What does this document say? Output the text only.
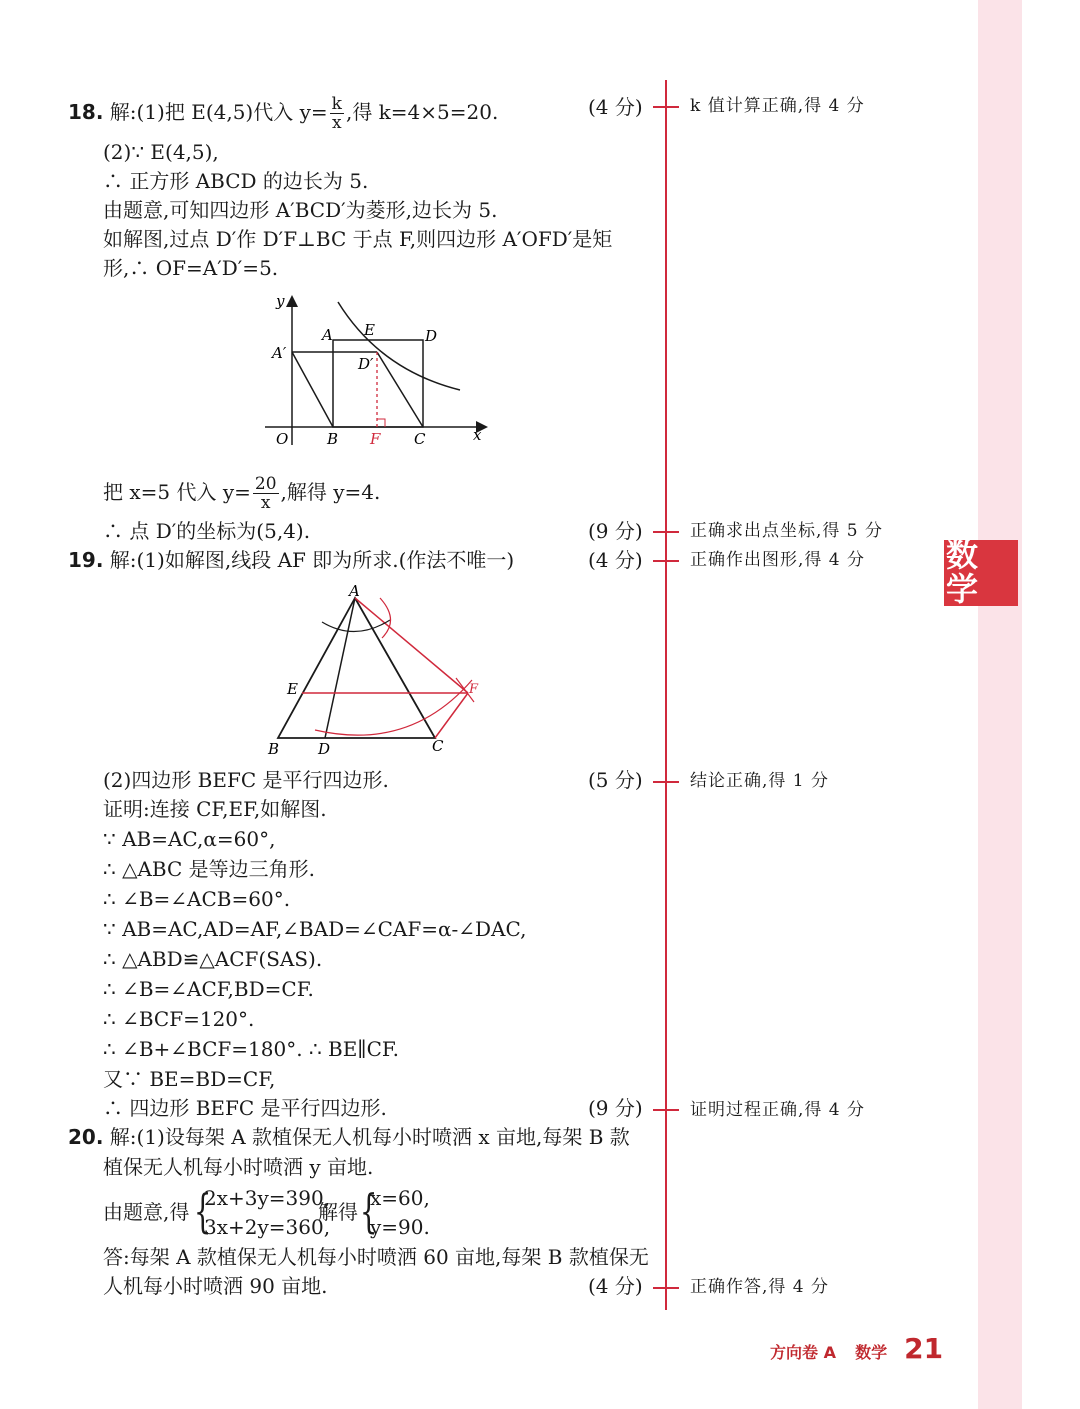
数学
18. 解:(1)把 E(4,5)代入 $y= \frac{k}{x}$ ,得 k=4×5=20.	(4 分)	k 值计算正确,得 4 分
(2)∵ E(4,5),
∴ 正方形 ABCD 的边长为 5.
由题意,可知四边形 A′BCD′为菱形,边长为 5.
如解图,过点 D′作 D′F⊥BC 于点 F,则四边形 A′OFD′是矩
形,∴ OF=A′D′=5.
y
A E	D
A′
D′
O	B F C	x
把 x=5 代入 $y= \frac{20}{x}$ ,解得 y=4.
∴ 点 D′的坐标为(5,4).	(9 分)	正确求出点坐标,得 5 分
19. 解:(1)如解图,线段 AF 即为所求.(作法不唯一)	(4 分)	正确作出图形,得 4 分
A
E	F
B	D	C
(2)四边形 BEFC 是平行四边形.	(5 分)	结论正确,得 1 分
证明:连接 CF,EF,如解图.
∵ AB=AC,α=60°,
∴ △ABC 是等边三角形.
∴ ∠B=∠ACB=60°.
∵ AB=AC,AD=AF,∠BAD=∠CAF=α-∠DAC,
∴ △ABD≌△ACF(SAS).
∴ ∠B=∠ACF,BD=CF.
∴ ∠BCF=120°.
∴ ∠B+∠BCF=180°. ∴ BE∥CF.
又∵ BE=BD=CF,
∴ 四边形 BEFC 是平行四边形.	(9 分)	证明过程正确,得 4 分
20. 解:(1)设每架 A 款植保无人机每小时喷洒 x 亩地,每架 B 款
植保无人机每小时喷洒 y 亩地.
由题意,得 {
2x+3y=390,
3x+2y=360,
解得 {
x=60,
y=90.
答:每架 A 款植保无人机每小时喷洒 60 亩地,每架 B 款植保无
人机每小时喷洒 90 亩地.	(4 分)	正确作答,得 4 分
方向卷 A 数学 21
